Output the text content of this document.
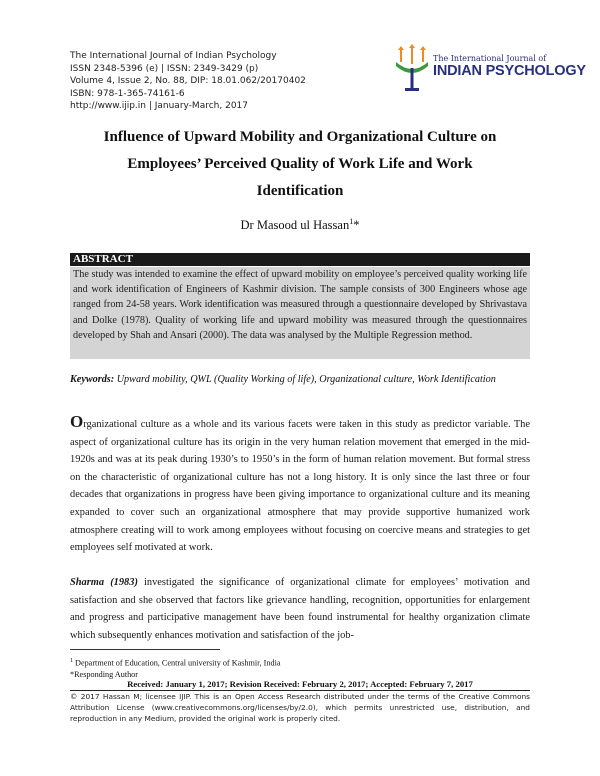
The International Journal of Indian Psychology
ISSN 2348-5396 (e) | ISSN: 2349-3429 (p)
Volume 4, Issue 2, No. 88, DIP: 18.01.062/20170402
ISBN: 978-1-365-74161-6
http://www.ijip.in | January-March, 2017
The International Journal of
INDIAN PSYCHOLOGY
Influence of Upward Mobility and Organizational Culture on
Employees’ Perceived Quality of Work Life and Work
Identification
Dr Masood ul Hassan$^1$*
ABSTRACT
The study was intended to examine the effect of upward mobility on employee’s perceived quality working life and work identification of Engineers of Kashmir division. The sample consists of 300 Engineers whose age ranged from 24-58 years. Work identification was measured through a questionnaire developed by Shrivastava and Dolke (1978). Quality of working life and upward mobility was measured through the questionnaires developed by Shah and Ansari (2000). The data was analysed by the Multiple Regression method.
Keywords: Upward mobility, QWL (Quality Working of life), Organizational culture, Work Identification
Organizational culture as a whole and its various facets were taken in this study as predictor variable. The aspect of organizational culture has its origin in the very human relation movement that emerged in the mid-1920s and was at its peak during 1930’s to 1950’s in the form of human relation movement. But formal stress on the characteristic of organizational culture has not a long history. It is only since the last three or four decades that organizations in progress have been giving importance to organizational culture and its meaning expanded to cover such an organizational atmosphere that may provide supportive humanized work atmosphere creating will to work among employees without focusing on coercive means and strategies to get employees self motivated at work.
Sharma (1983) investigated the significance of organizational climate for employees’ motivation and satisfaction and she observed that factors like grievance handling, recognition, opportunities for enlargement and progress and participative management have been found instrumental for healthy organization climate which subsequently enhances motivation and satisfaction of the job-
$^1$ Department of Education, Central university of Kashmir, India
*Responding Author
Received: January 1, 2017; Revision Received: February 2, 2017; Accepted: February 7, 2017
© 2017 Hassan M; licensee IJIP. This is an Open Access Research distributed under the terms of the Creative Commons Attribution License (www.creativecommons.org/licenses/by/2.0), which permits unrestricted use, distribution, and reproduction in any Medium, provided the original work is properly cited.
